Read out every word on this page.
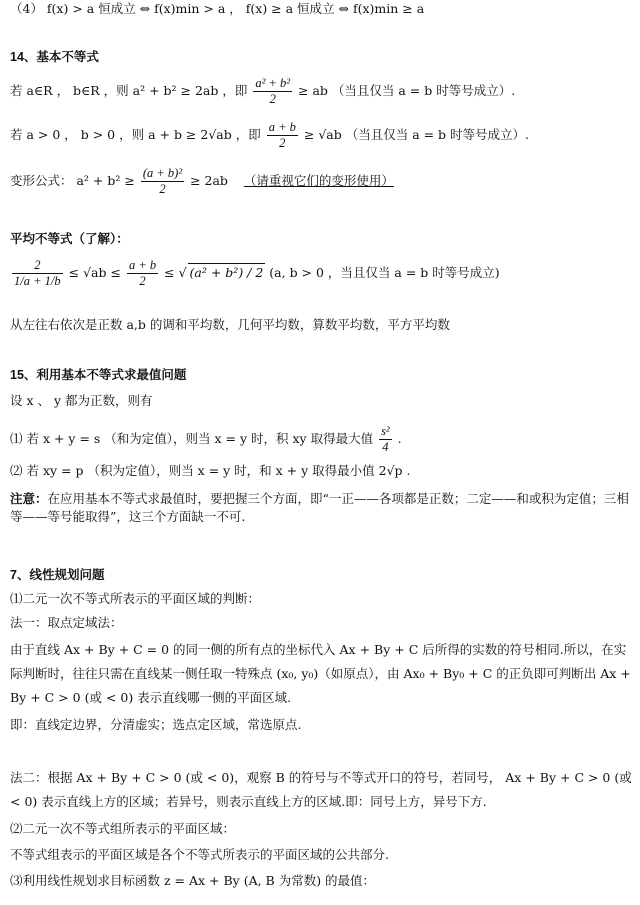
（4） f(x) > a 恒成立 ⇔ f(x)min > a ， f(x) ≥ a 恒成立 ⇔ f(x)min ≥ a
14、基本不等式
若 a∈R ， b∈R ，则 a² + b² ≥ 2ab ，即 $\frac{\text{a² + b²}}{2}$ ≥ ab （当且仅当 a = b 时等号成立）.
若 a > 0 ， b > 0 ，则 a + b ≥ 2√ab ，即 $\frac{a + b}{2} \ge √ab$ （当且仅当 a = b 时等号成立）.
变形公式： $a^2 + b^2 \ge \frac{\text{(a + b)²}}{2} \ge 2ab$ （请重视它们的变形使用）
平均不等式（了解）：
$\frac{2}{1/a + 1/b} \le √ab \le \frac{a + b}{2}$ ≤ √ (a² + b²) / 2 (a, b > 0 ，当且仅当 a = b 时等号成立)
从左往右依次是正数 a,b 的调和平均数，几何平均数，算数平均数，平方平均数
15、利用基本不等式求最值问题
设 x 、 y 都为正数，则有
⑴ 若 x + y = s （和为定值），则当 x = y 时，积 xy 取得最大值 $\frac{\text{s²}}{4}$ .
⑵ 若 xy = p （积为定值），则当 x = y 时，和 x + y 取得最小值 2√p .
注意：在应用基本不等式求最值时，要把握三个方面，即“一正——各项都是正数；二定——和或积为定值；三相等——等号能取得”，这三个方面缺一不可.
7、线性规划问题
⑴二元一次不等式所表示的平面区域的判断：
法一：取点定域法：
由于直线 Ax + By + C = 0 的同一侧的所有点的坐标代入 Ax + By + C 后所得的实数的符号相同.所以，在实际判断时，往往只需在直线某一侧任取一特殊点 (x₀, y₀)（如原点），由 Ax₀ + By₀ + C 的正负即可判断出 Ax + By + C > 0 (或 < 0) 表示直线哪一侧的平面区域.
即：直线定边界，分清虚实；选点定区域，常选原点.
法二：根据 Ax + By + C > 0 (或 < 0)，观察 B 的符号与不等式开口的符号，若同号， Ax + By + C > 0 (或 < 0) 表示直线上方的区域；若异号，则表示直线上方的区域.即：同号上方，异号下方.
⑵二元一次不等式组所表示的平面区域：
不等式组表示的平面区域是各个不等式所表示的平面区域的公共部分.
⑶利用线性规划求目标函数 z = Ax + By (A, B 为常数) 的最值：
